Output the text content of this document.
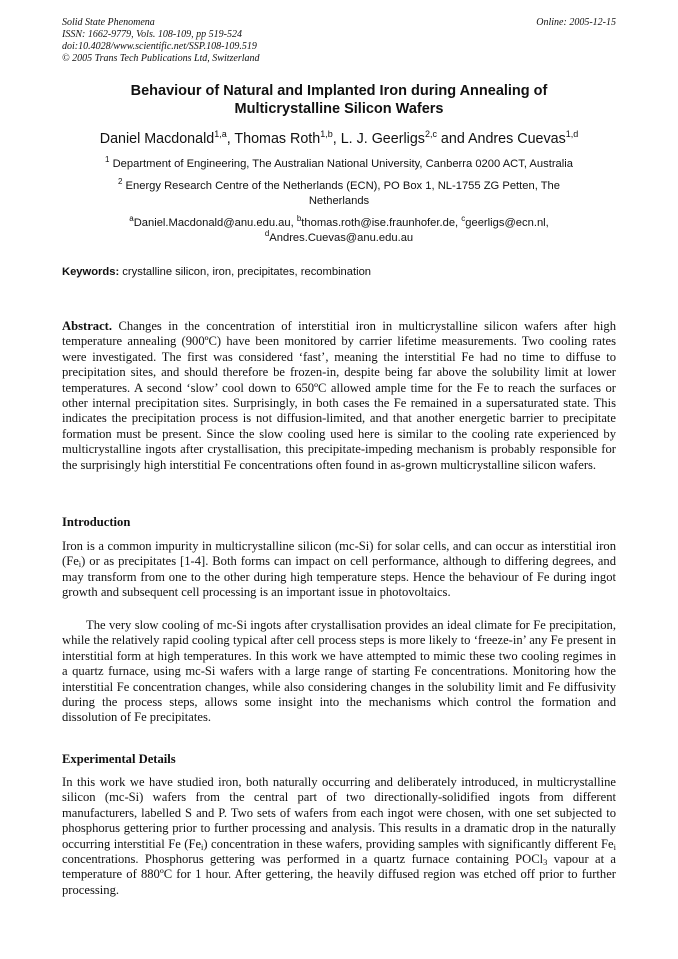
Solid State Phenomena
ISSN: 1662-9779, Vols. 108-109, pp 519-524
doi:10.4028/www.scientific.net/SSP.108-109.519
© 2005 Trans Tech Publications Ltd, Switzerland
Online: 2005-12-15
Behaviour of Natural and Implanted Iron during Annealing of
Multicrystalline Silicon Wafers
Daniel Macdonald$^{1,a}$, Thomas Roth$^{1,b}$, L. J. Geerligs$^{2,c}$ and Andres Cuevas$^{1,d}$
$^1$ Department of Engineering, The Australian National University, Canberra 0200 ACT, Australia
$^2$ Energy Research Centre of the Netherlands (ECN), PO Box 1, NL-1755 ZG Petten, The
Netherlands
$^a$Daniel.Macdonald@anu.edu.au, $^b$thomas.roth@ise.fraunhofer.de, $^c$geerligs@ecn.nl,
$^d$Andres.Cuevas@anu.edu.au
Keywords: crystalline silicon, iron, precipitates, recombination

Abstract. Changes in the concentration of interstitial iron in multicrystalline silicon wafers after high temperature annealing (900ºC) have been monitored by carrier lifetime measurements. Two cooling rates were investigated. The first was considered ‘fast’, meaning the interstitial Fe had no time to diffuse to precipitation sites, and should therefore be frozen-in, despite being far above the solubility limit at lower temperatures. A second ‘slow’ cool down to 650ºC allowed ample time for the Fe to reach the surfaces or other internal precipitation sites. Surprisingly, in both cases the Fe remained in a supersaturated state. This indicates the precipitation process is not diffusion-limited, and that another energetic barrier to precipitate formation must be present. Since the slow cooling used here is similar to the cooling rate experienced by multicrystalline ingots after crystallisation, this precipitate-impeding mechanism is probably responsible for the surprisingly high interstitial Fe concentrations often found in as-grown multicrystalline silicon wafers.

Introduction

Iron is a common impurity in multicrystalline silicon (mc-Si) for solar cells, and can occur as interstitial iron $(Fe_i)$ or as precipitates [1-4]. Both forms can impact on cell performance, although to differing degrees, and may transform from one to the other during high temperature steps. Hence the behaviour of Fe during ingot growth and subsequent cell processing is an important issue in photovoltaics.

The very slow cooling of mc-Si ingots after crystallisation provides an ideal climate for Fe precipitation, while the relatively rapid cooling typical after cell process steps is more likely to ‘freeze-in’ any Fe present in interstitial form at high temperatures. In this work we have attempted to mimic these two cooling regimes in a quartz furnace, using mc-Si wafers with a large range of starting Fe concentrations. Monitoring how the interstitial Fe concentration changes, while also considering changes in the solubility limit and Fe diffusivity during the process steps, allows some insight into the mechanisms which control the formation and dissolution of Fe precipitates.

Experimental Details

In this work we have studied iron, both naturally occurring and deliberately introduced, in multicrystalline silicon (mc-Si) wafers from the central part of two directionally-solidified ingots from different manufacturers, labelled S and P. Two sets of wafers from each ingot were chosen, with one set subjected to phosphorus gettering prior to further processing and analysis. This results in a dramatic drop in the naturally occurring interstitial Fe $(Fe_i)$ concentration in these wafers, providing samples with significantly different $Fe_i$ concentrations. Phosphorus gettering was performed in a quartz furnace containing POCl$_3$ vapour at a temperature of 880ºC for 1 hour. After gettering, the heavily diffused region was etched off prior to further processing.
